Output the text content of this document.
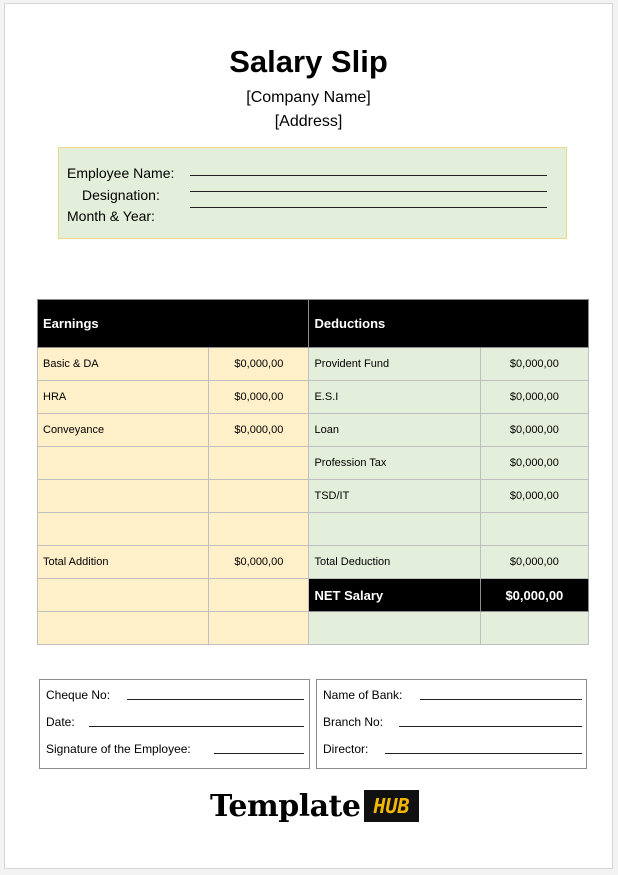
Salary Slip
[Company Name]
[Address]
Employee Name:
Designation:
Month & Year:
Earnings		Deductions	
Basic & DA	$0,000,00	Provident Fund	$0,000,00
HRA	$0,000,00	E.S.I	$0,000,00
Conveyance	$0,000,00	Loan	$0,000,00
		Profession Tax	$0,000,00
		TSD/IT	$0,000,00

Total Addition	$0,000,00	Total Deduction	$0,000,00
		NET Salary	$0,000,00

Cheque No:
Date:
Signature of the Employee:
Name of Bank:
Branch No:
Director:
Template HUB
